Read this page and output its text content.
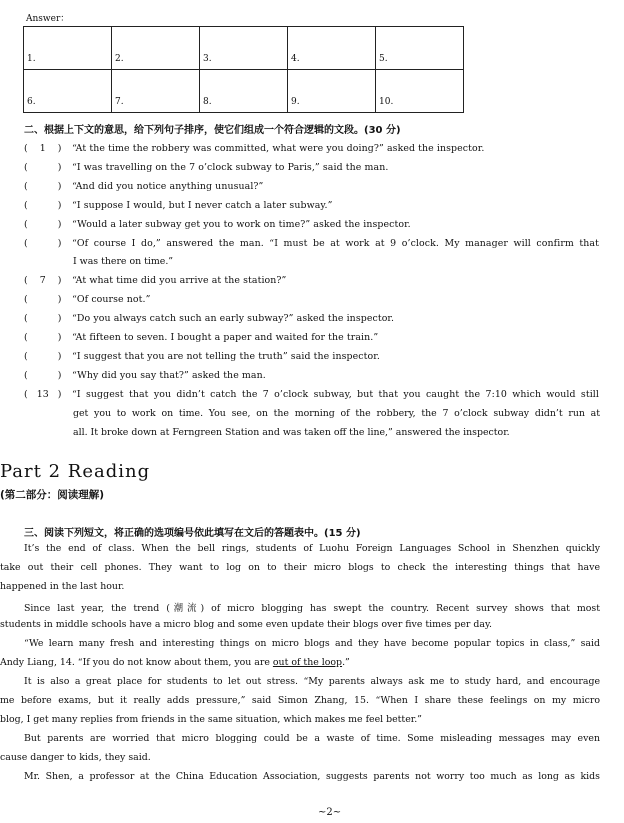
Answer：
1.	2.	3.	4.	5.
6.	7.	8.	9.	10.
二、根据上下文的意思，给下列句子排序，使它们组成一个符合逻辑的文段。(30 分)
( 1 ) “At the time the robbery was committed, what were you doing?” asked the inspector.
(	) “I was travelling on the 7 o’clock subway to Paris,” said the man.
(	) “And did you notice anything unusual?”
(	) “I suppose I would, but I never catch a later subway.”
(	) “Would a later subway get you to work on time?” asked the inspector.
(	) “Of course I do,” answered the man. “I must be at work at 9 o’clock. My manager will confirm that
I was there on time.”
( 7 ) “At what time did you arrive at the station?”
(	) “Of course not.”
(	) “Do you always catch such an early subway?” asked the inspector.
(	) “At fifteen to seven. I bought a paper and waited for the train.”
(	) “I suggest that you are not telling the truth” said the inspector.
(	) “Why did you say that?” asked the man.
( 13 ) “I suggest that you didn’t catch the 7 o’clock subway, but that you caught the 7:10 which would still
get you to work on time. You see, on the morning of the robbery, the 7 o’clock subway didn’t run at
all. It broke down at Ferngreen Station and was taken off the line,” answered the inspector.
Part 2 Reading
(第二部分：阅读理解)
三、阅读下列短文，将正确的选项编号依此填写在文后的答题表中。(15 分)
It’s the end of class. When the bell rings, students of Luohu Foreign Languages School in Shenzhen quickly
take out their cell phones. They want to log on to their micro blogs to check the interesting things that have
happened in the last hour.
Since last year, the trend (潮流) of micro blogging has swept the country. Recent survey shows that most
students in middle schools have a micro blog and some even update their blogs over five times per day.
“We learn many fresh and interesting things on micro blogs and they have become popular topics in class,” said
Andy Liang, 14. “If you do not know about them, you are out of the loop.”
It is also a great place for students to let out stress. “My parents always ask me to study hard, and encourage
me before exams, but it really adds pressure,” said Simon Zhang, 15. “When I share these feelings on my micro
blog, I get many replies from friends in the same situation, which makes me feel better.”
But parents are worried that micro blogging could be a waste of time. Some misleading messages may even
cause danger to kids, they said.
Mr. Shen, a professor at the China Education Association, suggests parents not worry too much as long as kids
~2~
